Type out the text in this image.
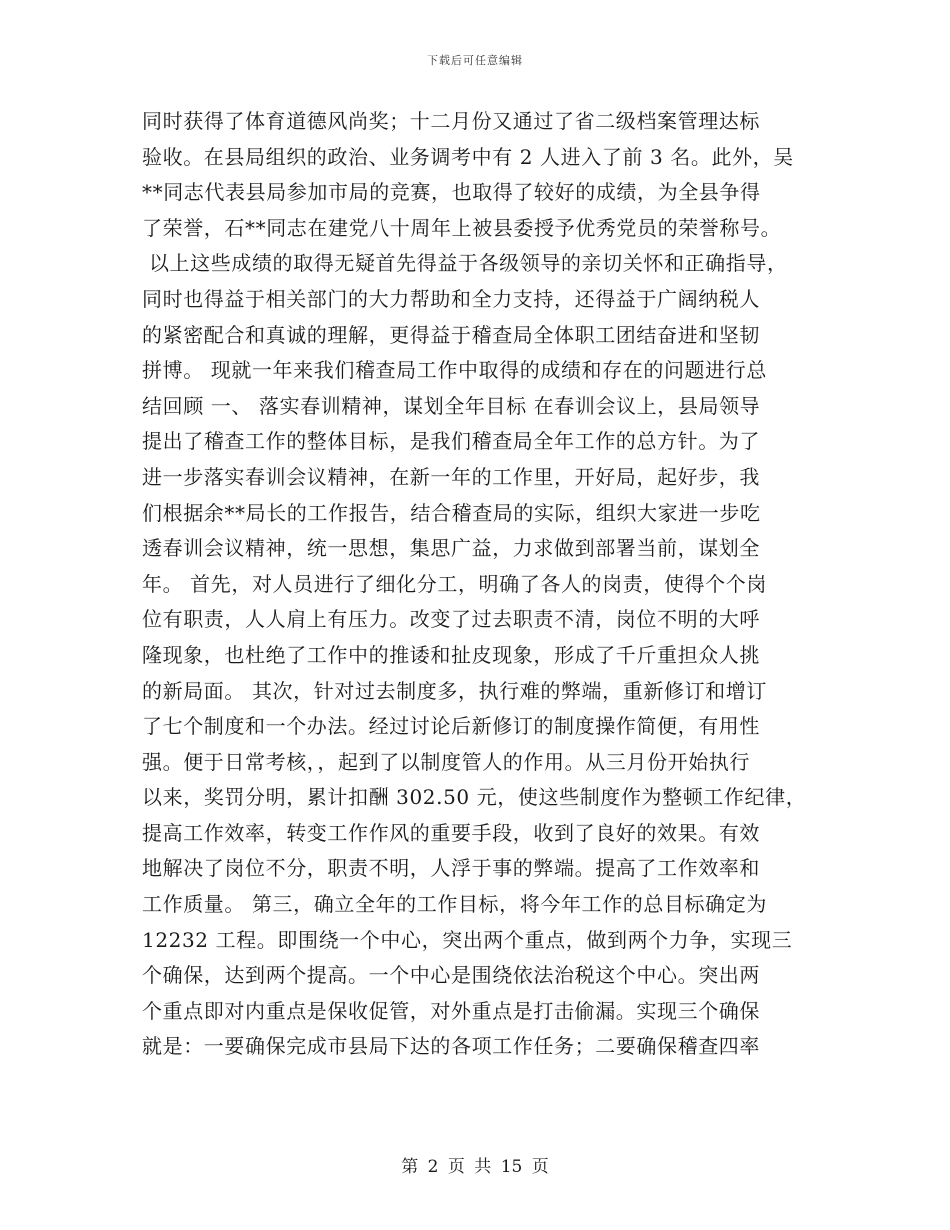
下载后可任意编辑
同时获得了体育道德风尚奖；十二月份又通过了省二级档案管理达标
验收。在县局组织的政治、业务调考中有 2 人进入了前 3 名。此外，吴
**同志代表县局参加市局的竞赛，也取得了较好的成绩，为全县争得
了荣誉，石**同志在建党八十周年上被县委授予优秀党员的荣誉称号。
以上这些成绩的取得无疑首先得益于各级领导的亲切关怀和正确指导，
同时也得益于相关部门的大力帮助和全力支持，还得益于广阔纳税人
的紧密配合和真诚的理解，更得益于稽查局全体职工团结奋进和坚韧
拼博。 现就一年来我们稽查局工作中取得的成绩和存在的问题进行总
结回顾 一、 落实春训精神，谋划全年目标 在春训会议上，县局领导
提出了稽查工作的整体目标，是我们稽查局全年工作的总方针。为了
进一步落实春训会议精神，在新一年的工作里，开好局，起好步，我
们根据余**局长的工作报告，结合稽查局的实际，组织大家进一步吃
透春训会议精神，统一思想，集思广益，力求做到部署当前，谋划全
年。 首先，对人员进行了细化分工，明确了各人的岗责，使得个个岗
位有职责，人人肩上有压力。改变了过去职责不清，岗位不明的大呼
隆现象，也杜绝了工作中的推诿和扯皮现象，形成了千斤重担众人挑
的新局面。 其次，针对过去制度多，执行难的弊端，重新修订和增订
了七个制度和一个办法。经过讨论后新修订的制度操作简便，有用性
强。便于日常考核，，起到了以制度管人的作用。从三月份开始执行
以来，奖罚分明，累计扣酬 302.50 元，使这些制度作为整顿工作纪律，
提高工作效率，转变工作作风的重要手段，收到了良好的效果。有效
地解决了岗位不分，职责不明，人浮于事的弊端。提高了工作效率和
工作质量。 第三，确立全年的工作目标，将今年工作的总目标确定为
12232 工程。即围绕一个中心，突出两个重点，做到两个力争，实现三
个确保，达到两个提高。一个中心是围绕依法治税这个中心。突出两
个重点即对内重点是保收促管，对外重点是打击偷漏。实现三个确保
就是：一要确保完成市县局下达的各项工作任务；二要确保稽查四率
第 2 页 共 15 页
